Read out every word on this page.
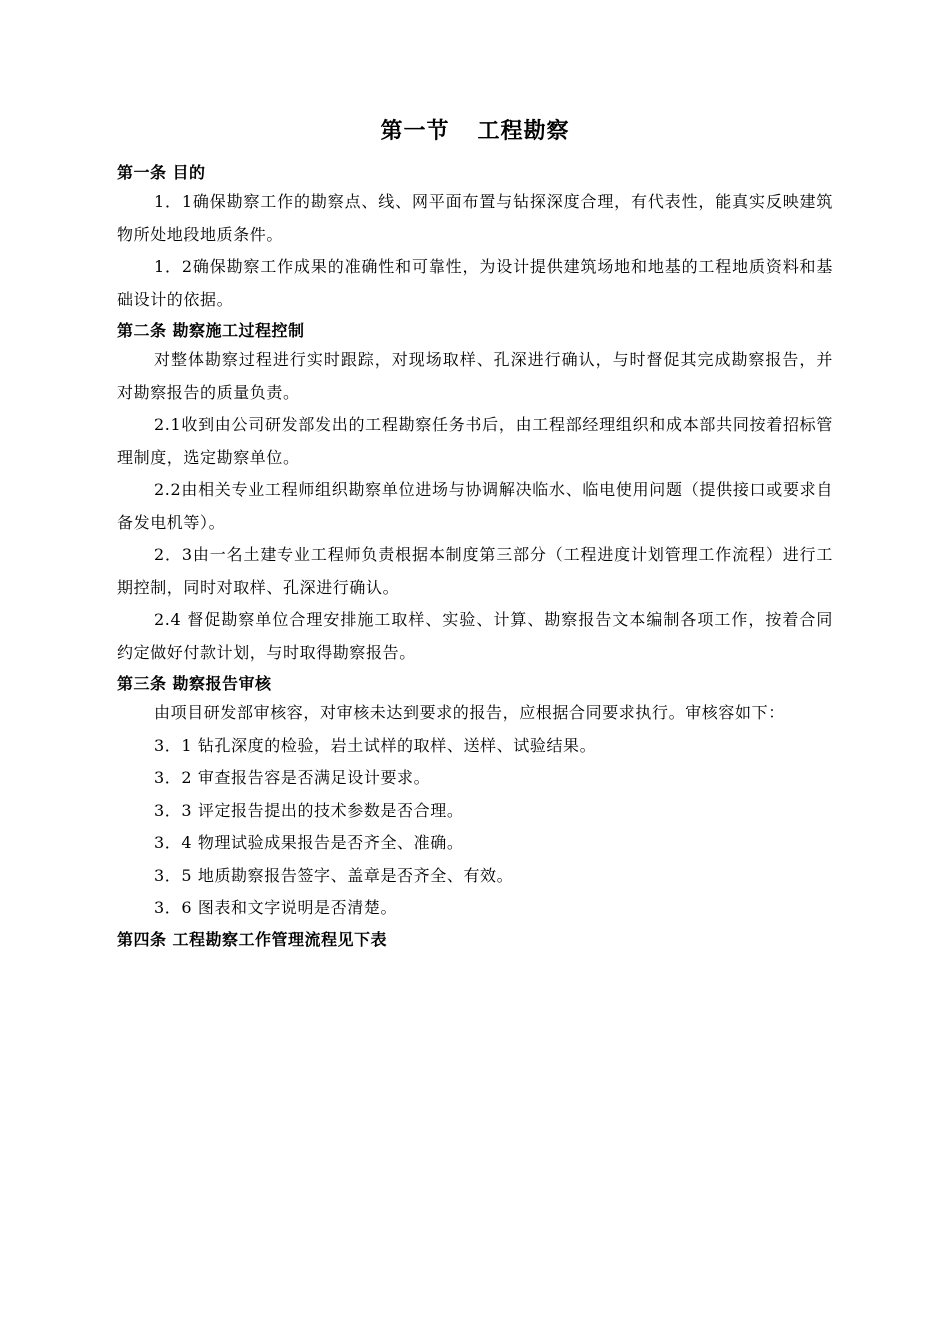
第一节 工程勘察
第一条 目的

1．1确保勘察工作的勘察点、线、网平面布置与钻探深度合理，有代表性，能真实反映建筑物所处地段地质条件。

1．2确保勘察工作成果的准确性和可靠性，为设计提供建筑场地和地基的工程地质资料和基础设计的依据。

第二条 勘察施工过程控制

对整体勘察过程进行实时跟踪，对现场取样、孔深进行确认，与时督促其完成勘察报告，并对勘察报告的质量负责。

2.1收到由公司研发部发出的工程勘察任务书后，由工程部经理组织和成本部共同按着招标管理制度，选定勘察单位。

2.2由相关专业工程师组织勘察单位进场与协调解决临水、临电使用问题（提供接口或要求自备发电机等）。

2．3由一名土建专业工程师负责根据本制度第三部分（工程进度计划管理工作流程）进行工期控制，同时对取样、孔深进行确认。

2.4 督促勘察单位合理安排施工取样、实验、计算、勘察报告文本编制各项工作，按着合同约定做好付款计划，与时取得勘察报告。

第三条 勘察报告审核

由项目研发部审核容，对审核未达到要求的报告，应根据合同要求执行。审核容如下：

3．1 钻孔深度的检验，岩土试样的取样、送样、试验结果。

3．2 审查报告容是否满足设计要求。

3．3 评定报告提出的技术参数是否合理。

3．4 物理试验成果报告是否齐全、准确。

3．5 地质勘察报告签字、盖章是否齐全、有效。

3．6 图表和文字说明是否清楚。

第四条 工程勘察工作管理流程见下表
